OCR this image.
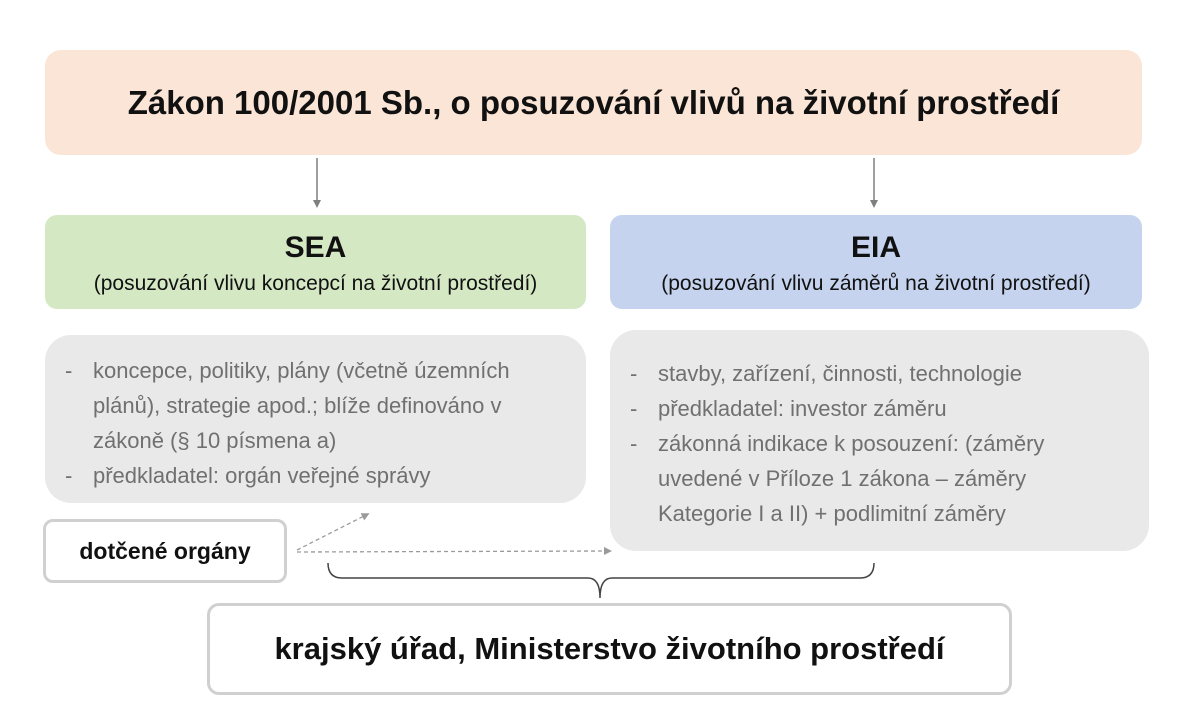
Zákon 100/2001 Sb., o posuzování vlivů na životní prostředí
SEA
(posuzování vlivu koncepcí na životní prostředí)
EIA
(posuzování vlivu záměrů na životní prostředí)
- koncepce, politiky, plány (včetně územních plánů), strategie apod.; blíže definováno v zákoně (§ 10 písmena a)
- předkladatel: orgán veřejné správy
- stavby, zařízení, činnosti, technologie
- předkladatel: investor záměru
- zákonná indikace k posouzení: (záměry uvedené v Příloze 1 zákona – záměry Kategorie I a II) + podlimitní záměry
dotčené orgány
krajský úřad, Ministerstvo životního prostředí
